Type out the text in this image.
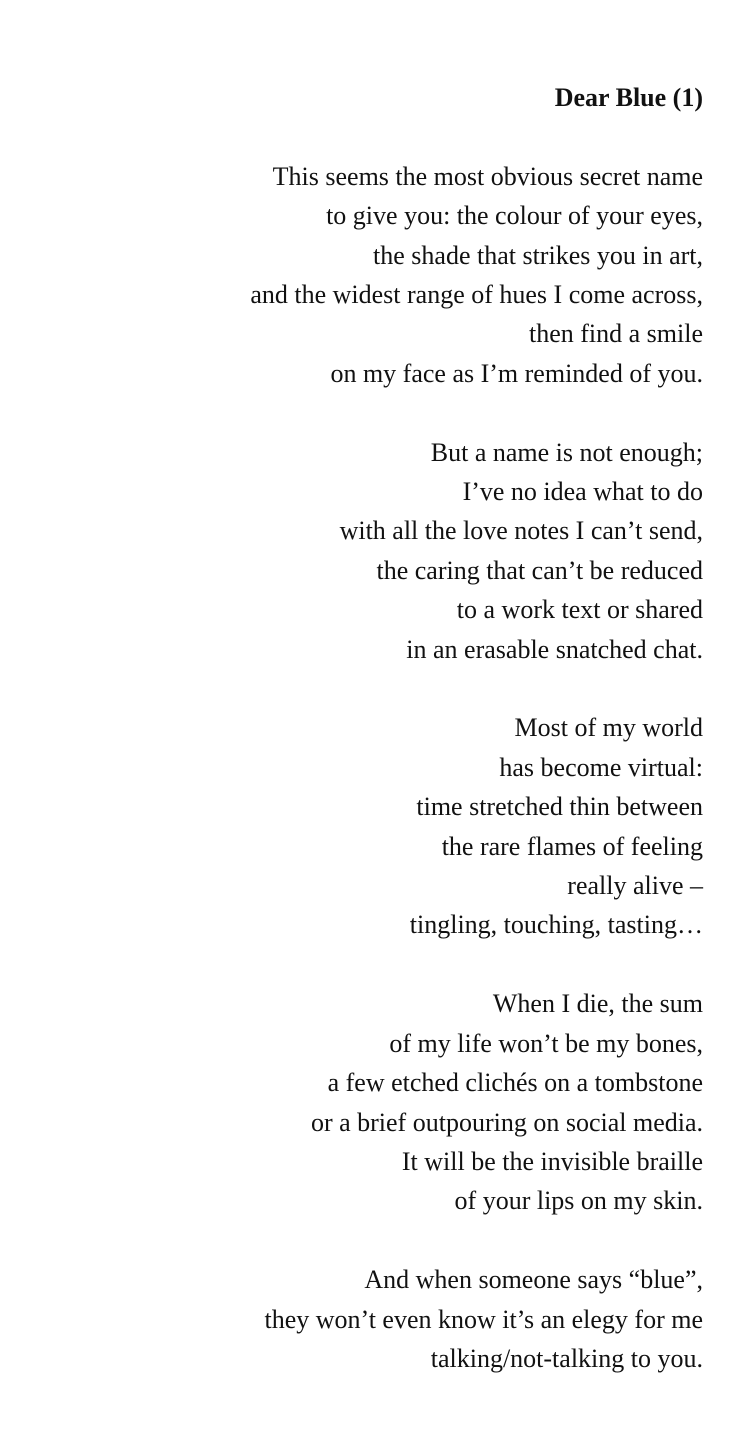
Dear Blue (1)
This seems the most obvious secret name
to give you: the colour of your eyes,
the shade that strikes you in art,
and the widest range of hues I come across,
then find a smile
on my face as I’m reminded of you.
But a name is not enough;
I’ve no idea what to do
with all the love notes I can’t send,
the caring that can’t be reduced
to a work text or shared
in an erasable snatched chat.
Most of my world
has become virtual:
time stretched thin between
the rare flames of feeling
really alive –
tingling, touching, tasting…
When I die, the sum
of my life won’t be my bones,
a few etched clichés on a tombstone
or a brief outpouring on social media.
It will be the invisible braille
of your lips on my skin.
And when someone says “blue”,
they won’t even know it’s an elegy for me
talking/not-talking to you.
